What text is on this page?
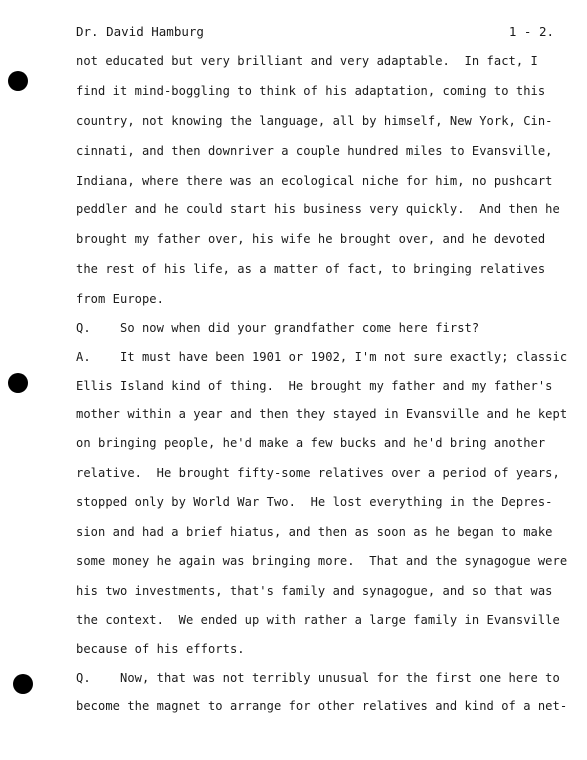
Dr. David Hamburg	1 - 2.
not educated but very brilliant and very adaptable.  In fact, I
find it mind-boggling to think of his adaptation, coming to this
country, not knowing the language, all by himself, New York, Cin-
cinnati, and then downriver a couple hundred miles to Evansville,
Indiana, where there was an ecological niche for him, no pushcart
peddler and he could start his business very quickly.  And then he
brought my father over, his wife he brought over, and he devoted
the rest of his life, as a matter of fact, to bringing relatives
from Europe.
Q.    So now when did your grandfather come here first?
A.    It must have been 1901 or 1902, I'm not sure exactly; classic
Ellis Island kind of thing.  He brought my father and my father's
mother within a year and then they stayed in Evansville and he kept
on bringing people, he'd make a few bucks and he'd bring another
relative.  He brought fifty-some relatives over a period of years,
stopped only by World War Two.  He lost everything in the Depres-
sion and had a brief hiatus, and then as soon as he began to make
some money he again was bringing more.  That and the synagogue were
his two investments, that's family and synagogue, and so that was
the context.  We ended up with rather a large family in Evansville
because of his efforts.
Q.    Now, that was not terribly unusual for the first one here to
become the magnet to arrange for other relatives and kind of a net-
